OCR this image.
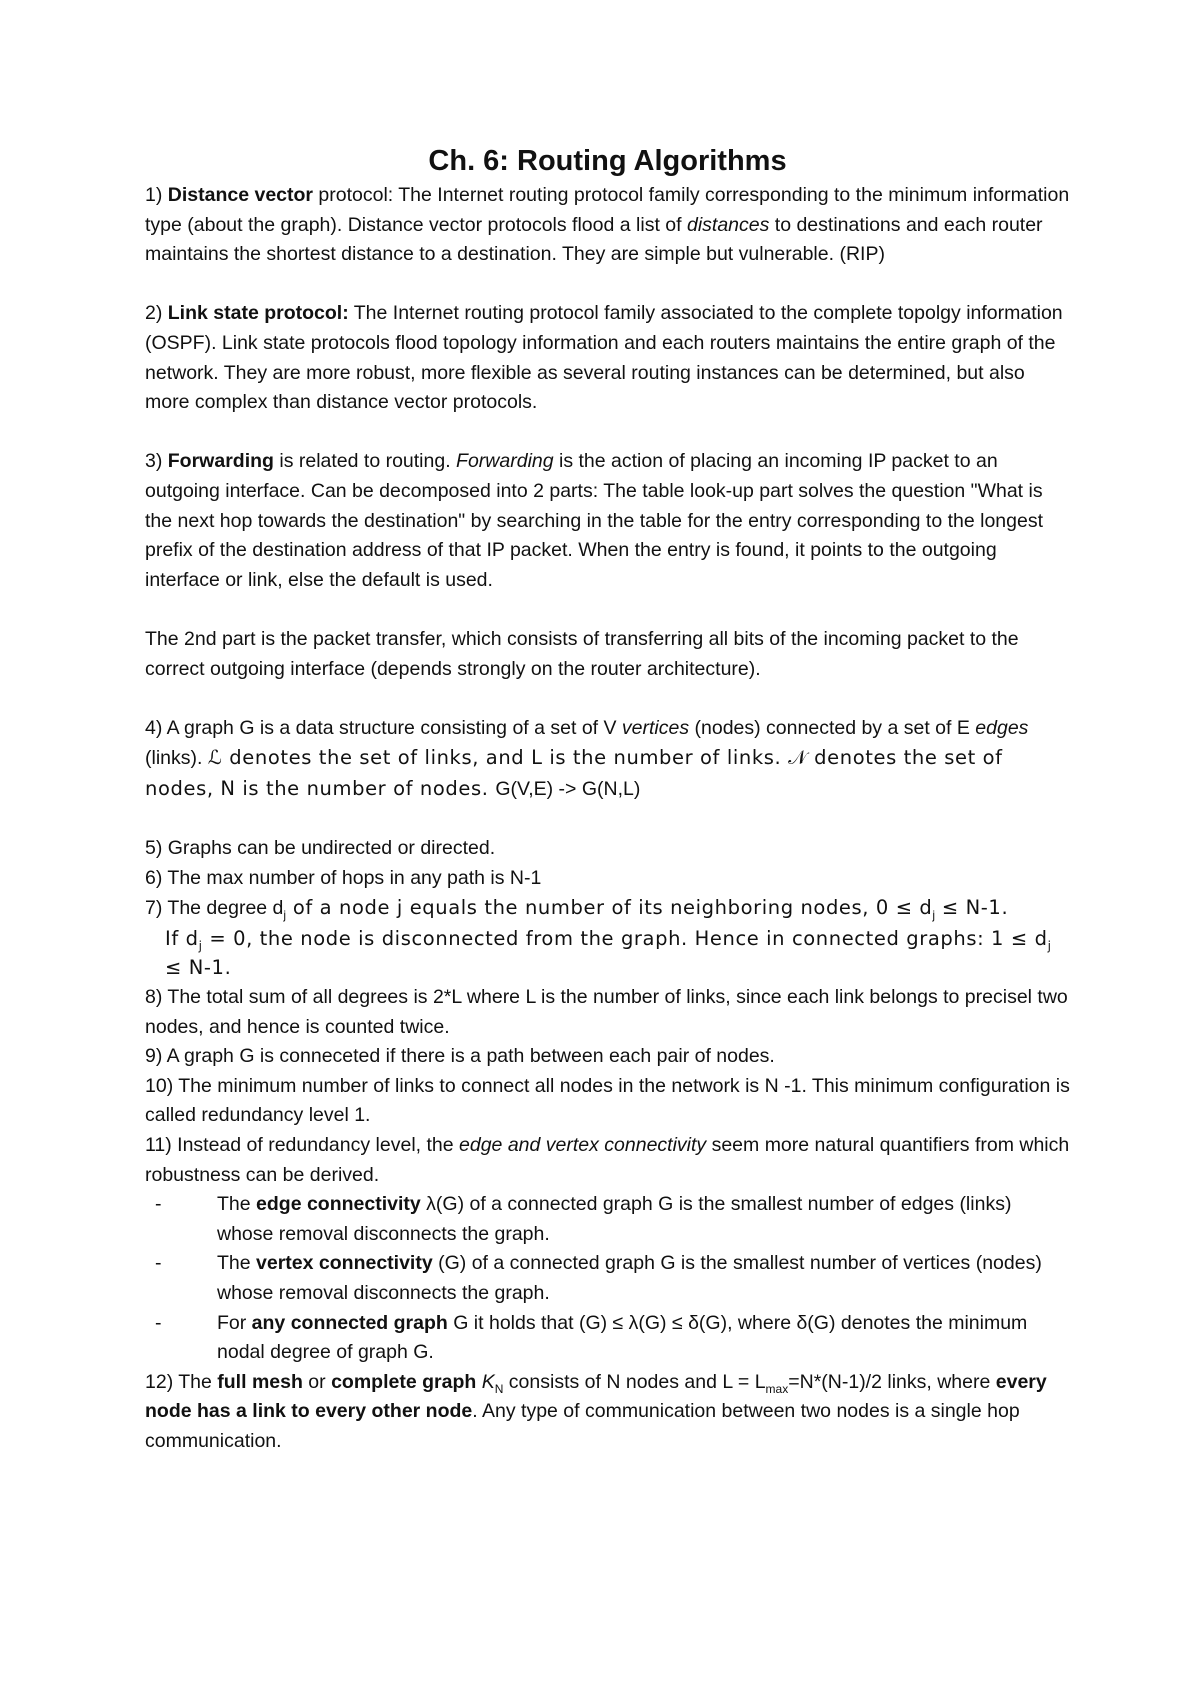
Ch. 6: Routing Algorithms

1) Distance vector protocol: The Internet routing protocol family corresponding to the minimum information type (about the graph). Distance vector protocols flood a list of distances to destinations and each router maintains the shortest distance to a destination. They are simple but vulnerable. (RIP)

2) Link state protocol: The Internet routing protocol family associated to the complete topolgy information (OSPF). Link state protocols flood topology information and each routers maintains the entire graph of the network. They are more robust, more flexible as several routing instances can be determined, but also more complex than distance vector protocols.

3) Forwarding is related to routing. Forwarding is the action of placing an incoming IP packet to an outgoing interface. Can be decomposed into 2 parts: The table look-up part solves the question "What is the next hop towards the destination" by searching in the table for the entry corresponding to the longest prefix of the destination address of that IP packet. When the entry is found, it points to the outgoing interface or link, else the default is used.

The 2nd part is the packet transfer, which consists of transferring all bits of the incoming packet to the correct outgoing interface (depends strongly on the router architecture).

4) A graph G is a data structure consisting of a set of V vertices (nodes) connected by a set of E edges (links). ℒ denotes the set of links, and L is the number of links. 𝒩 denotes the set of nodes, N is the number of nodes. G(V,E) -> G(N,L)

5) Graphs can be undirected or directed.

6) The max number of hops in any path is N-1

7) The degree $d_j$ of a node j equals the number of its neighboring nodes, $0 \le d_j \le N-1$.

If $d_j = 0$, the node is disconnected from the graph. Hence in connected graphs: $1 \le d_j \le N-1$.

8) The total sum of all degrees is 2*L where L is the number of links, since each link belongs to precisel two nodes, and hence is counted twice.

9) A graph G is conneceted if there is a path between each pair of nodes.

10) The minimum number of links to connect all nodes in the network is N -1. This minimum configuration is called redundancy level 1.

11) Instead of redundancy level, the edge and vertex connectivity seem more natural quantifiers from which robustness can be derived.

- The edge connectivity λ(G) of a connected graph G is the smallest number of edges (links) whose removal disconnects the graph.
- The vertex connectivity (G) of a connected graph G is the smallest number of vertices (nodes) whose removal disconnects the graph.
- For any connected graph G it holds that (G) ≤ λ(G) ≤ δ(G), where δ(G) denotes the minimum nodal degree of graph G.

12) The full mesh or complete graph $K_N$ consists of N nodes and $L = L_{max}=N*(N-1)/2$ links, where every node has a link to every other node. Any type of communication between two nodes is a single hop communication.
